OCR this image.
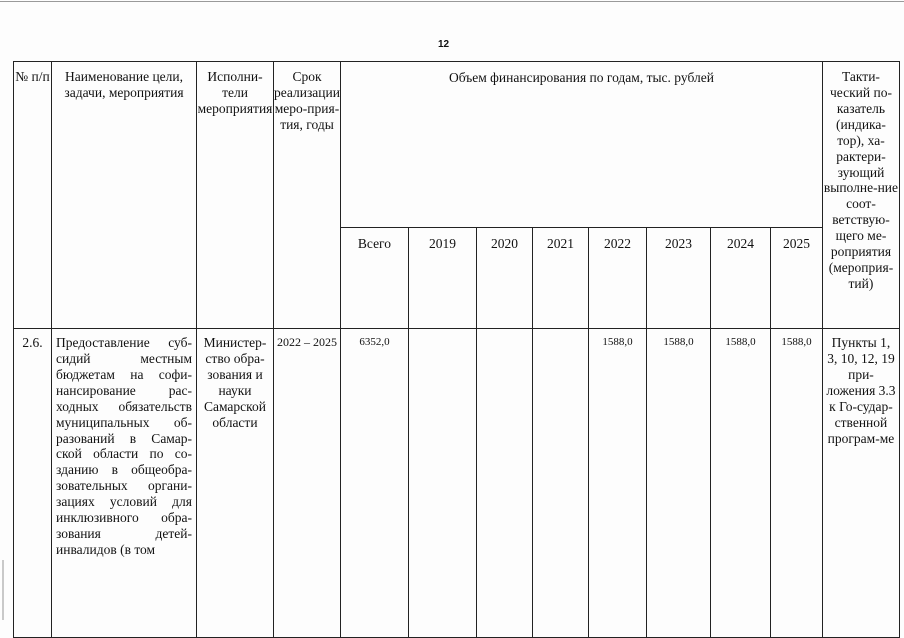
12
№ п/п	Наименование цели, задачи, мероприятия	Исполни-тели мероприятия	Срок реализации меро-прия-тия, годы	Объем финансирования по годам, тыс. рублей								Такти-ческий по-казатель (индика-тор), ха-рактери-зующий выполне-ние соот-ветствую-щего ме-роприятия (мероприя-тий)
				Всего	2019	2020	2021	2022	2023	2024	2025	
2.6.	Предоставление суб-сидий местным бюджетам на софи-нансирование рас-ходных обязательств муниципальных об-разований в Самар-ской области по со-зданию в общеобра-зовательных органи-зациях условий для инклюзивного обра-зования детей-инвалидов (в том	Министер-ство обра-зования и науки Самарской области	2022 – 2025	6352,0				1588,0	1588,0	1588,0	1588,0	Пункты 1, 3, 10, 12, 19 при-ложения 3.3 к Го-судар-ственной програм-ме
